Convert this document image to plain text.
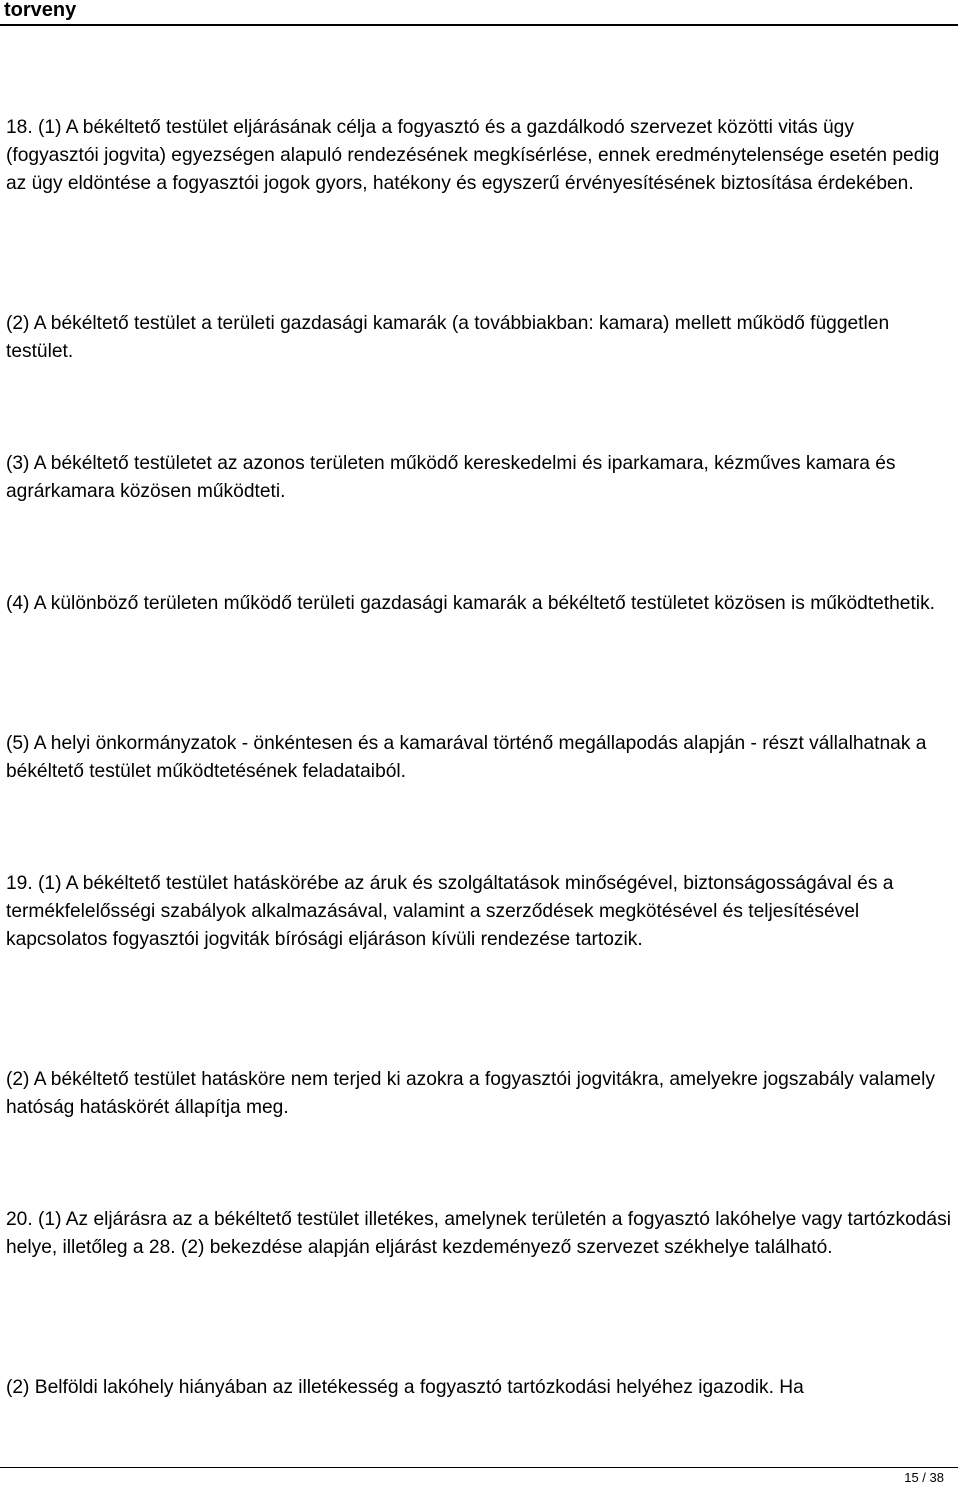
torveny

18. (1) A békéltető testület eljárásának célja a fogyasztó és a gazdálkodó szervezet közötti vitás ügy (fogyasztói jogvita) egyezségen alapuló rendezésének megkísérlése, ennek eredménytelensége esetén pedig az ügy eldöntése a fogyasztói jogok gyors, hatékony és egyszerű érvényesítésének biztosítása érdekében.

(2) A békéltető testület a területi gazdasági kamarák (a továbbiakban: kamara) mellett működő független testület.

(3) A békéltető testületet az azonos területen működő kereskedelmi és iparkamara, kézműves kamara és agrárkamara közösen működteti.

(4) A különböző területen működő területi gazdasági kamarák a békéltető testületet közösen is működtethetik.

(5) A helyi önkormányzatok - önkéntesen és a kamarával történő megállapodás alapján - részt vállalhatnak a békéltető testület működtetésének feladataiból.

19. (1) A békéltető testület hatáskörébe az áruk és szolgáltatások minőségével, biztonságosságával és a termékfelelősségi szabályok alkalmazásával, valamint a szerződések megkötésével és teljesítésével kapcsolatos fogyasztói jogviták bírósági eljáráson kívüli rendezése tartozik.

(2) A békéltető testület hatásköre nem terjed ki azokra a fogyasztói jogvitákra, amelyekre jogszabály valamely hatóság hatáskörét állapítja meg.

20. (1) Az eljárásra az a békéltető testület illetékes, amelynek területén a fogyasztó lakóhelye vagy tartózkodási helye, illetőleg a 28. (2) bekezdése alapján eljárást kezdeményező szervezet székhelye található.

(2) Belföldi lakóhely hiányában az illetékesség a fogyasztó tartózkodási helyéhez igazodik. Ha

15 / 38
